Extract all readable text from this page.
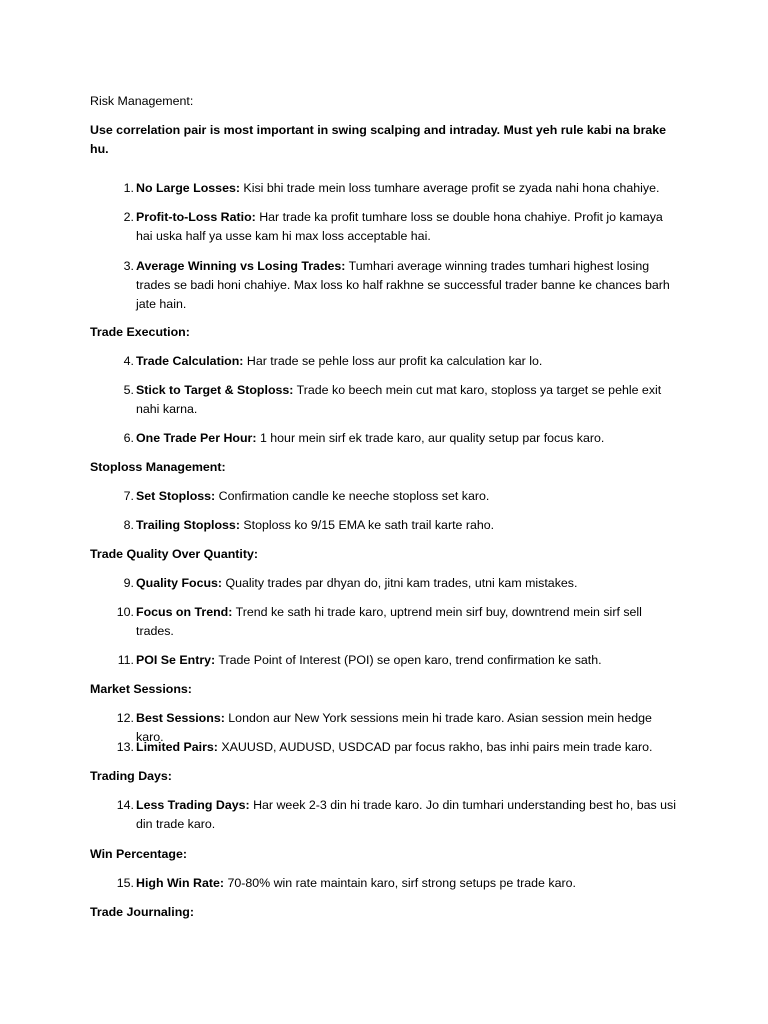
Risk Management:
Use correlation pair is most important in swing scalping and intraday. Must yeh rule kabi na brake hu.
1. No Large Losses: Kisi bhi trade mein loss tumhare average profit se zyada nahi hona chahiye.
2. Profit-to-Loss Ratio: Har trade ka profit tumhare loss se double hona chahiye. Profit jo kamaya hai uska half ya usse kam hi max loss acceptable hai.
3. Average Winning vs Losing Trades: Tumhari average winning trades tumhari highest losing trades se badi honi chahiye. Max loss ko half rakhne se successful trader banne ke chances barh jate hain.
Trade Execution:
4. Trade Calculation: Har trade se pehle loss aur profit ka calculation kar lo.
5. Stick to Target & Stoploss: Trade ko beech mein cut mat karo, stoploss ya target se pehle exit nahi karna.
6. One Trade Per Hour: 1 hour mein sirf ek trade karo, aur quality setup par focus karo.
Stoploss Management:
7. Set Stoploss: Confirmation candle ke neeche stoploss set karo.
8. Trailing Stoploss: Stoploss ko 9/15 EMA ke sath trail karte raho.
Trade Quality Over Quantity:
9. Quality Focus: Quality trades par dhyan do, jitni kam trades, utni kam mistakes.
10. Focus on Trend: Trend ke sath hi trade karo, uptrend mein sirf buy, downtrend mein sirf sell trades.
11. POI Se Entry: Trade Point of Interest (POI) se open karo, trend confirmation ke sath.
Market Sessions:
12. Best Sessions: London aur New York sessions mein hi trade karo. Asian session mein hedge karo.
13. Limited Pairs: XAUUSD, AUDUSD, USDCAD par focus rakho, bas inhi pairs mein trade karo.
Trading Days:
14. Less Trading Days: Har week 2-3 din hi trade karo. Jo din tumhari understanding best ho, bas usi din trade karo.
Win Percentage:
15. High Win Rate: 70-80% win rate maintain karo, sirf strong setups pe trade karo.
Trade Journaling:
